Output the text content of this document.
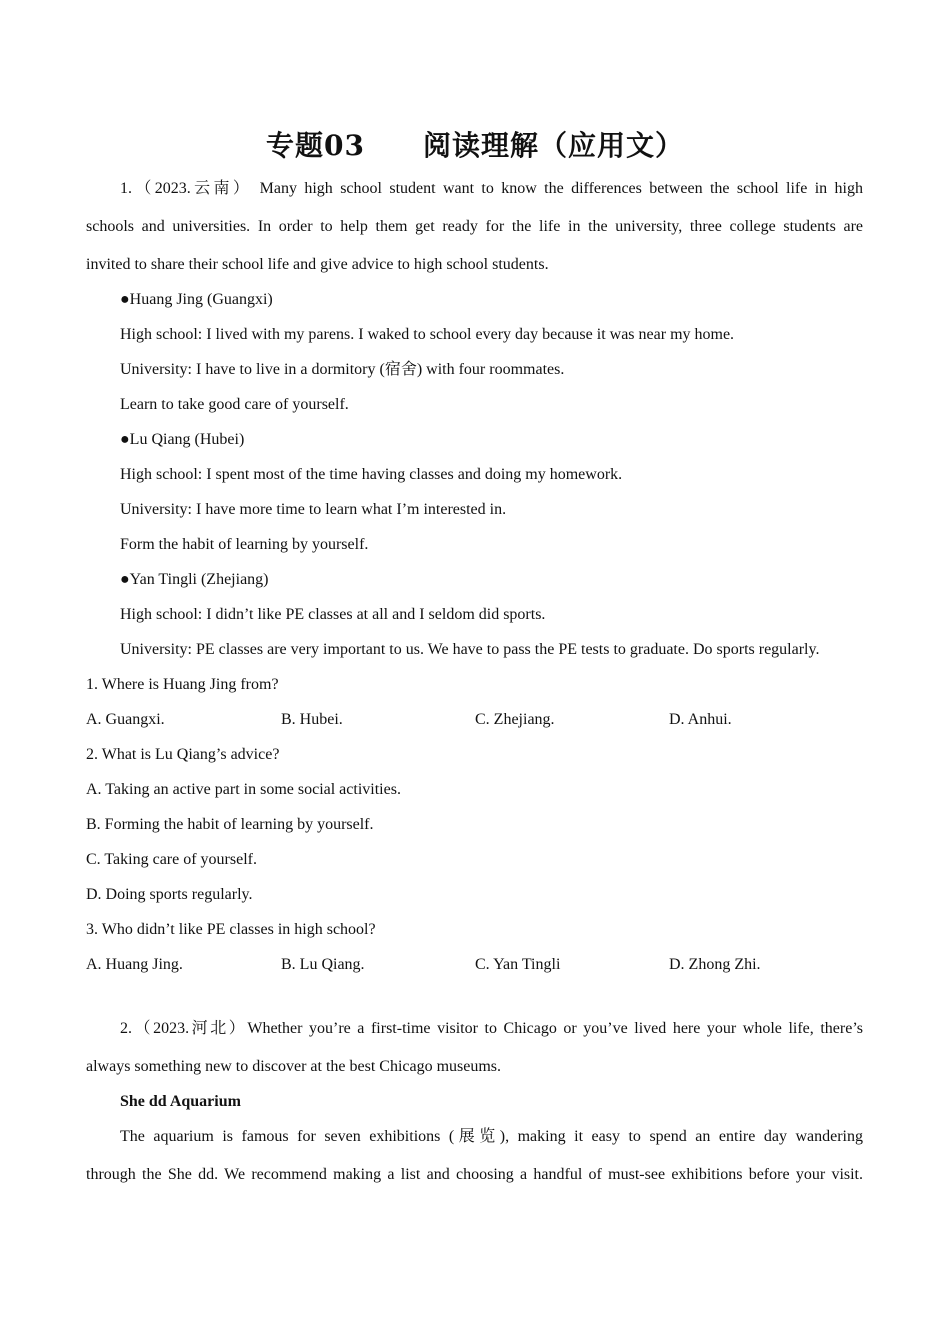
专题03　　阅读理解（应用文）
1.（2023.云南） Many high school student want to know the differences between the school life in high
schools and universities. In order to help them get ready for the life in the university, three college students are
invited to share their school life and give advice to high school students.
●Huang Jing (Guangxi)
High school: I lived with my parens. I waked to school every day because it was near my home.
University: I have to live in a dormitory (宿舍) with four roommates.
Learn to take good care of yourself.
●Lu Qiang (Hubei)
High school: I spent most of the time having classes and doing my homework.
University: I have more time to learn what I’m interested in.
Form the habit of learning by yourself.
●Yan Tingli (Zhejiang)
High school: I didn’t like PE classes at all and I seldom did sports.
University: PE classes are very important to us. We have to pass the PE tests to graduate. Do sports regularly.
1. Where is Huang Jing from?
A. Guangxi.	B. Hubei.	C. Zhejiang.	D. Anhui.
2. What is Lu Qiang’s advice?
A. Taking an active part in some social activities.
B. Forming the habit of learning by yourself.
C. Taking care of yourself.
D. Doing sports regularly.
3. Who didn’t like PE classes in high school?
A. Huang Jing.	B. Lu Qiang.	C. Yan Tingli	D. Zhong Zhi.
2.（2023.河北）Whether you’re a first-time visitor to Chicago or you’ve lived here your whole life, there’s
always something new to discover at the best Chicago museums.
She dd Aquarium
The aquarium is famous for seven exhibitions (展览), making it easy to spend an entire day wandering
through the She dd. We recommend making a list and choosing a handful of must-see exhibitions before your visit.
